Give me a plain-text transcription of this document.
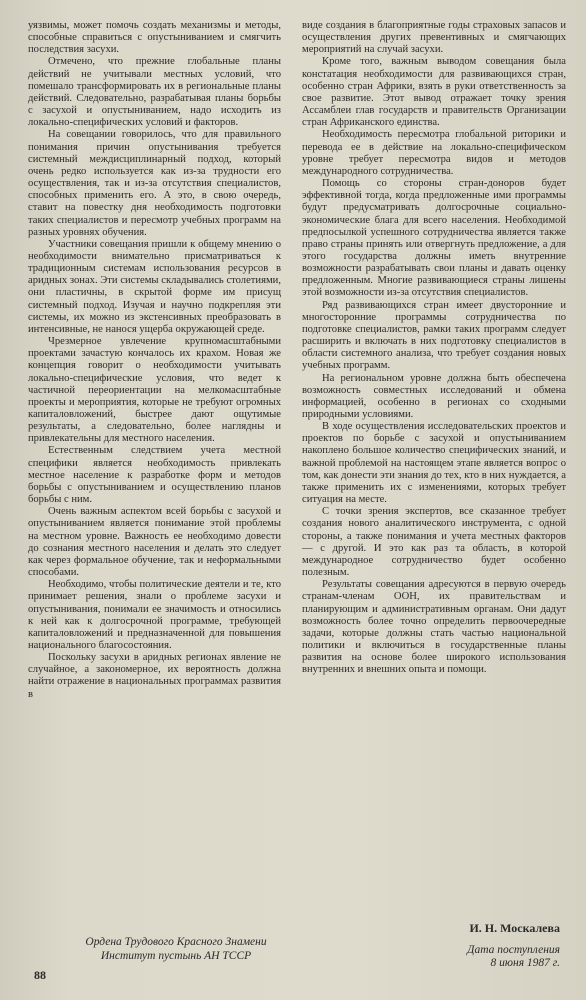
уязвимы, может помочь создать механизмы и методы, способные справиться с опустыниванием и смягчить последствия засухи.

Отмечено, что прежние глобальные планы действий не учитывали местных условий, что помешало трансформировать их в региональные планы действий. Следовательно, разрабатывая планы борьбы с засухой и опустыниванием, надо исходить из локально-специфических условий и факторов.

На совещании говорилось, что для правильного понимания причин опустынивания требуется системный междисциплинарный подход, который очень редко используется как из-за трудности его осуществления, так и из-за отсутствия специалистов, способных применить его. А это, в свою очередь, ставит на повестку дня необходимость подготовки таких специалистов и пересмотр учебных программ на разных уровнях обучения.

Участники совещания пришли к общему мнению о необходимости внимательно присматриваться к традиционным системам использования ресурсов в аридных зонах. Эти системы складывались столетиями, они пластичны, в скрытой форме им присущ системный подход. Изучая и научно подкрепляя эти системы, их можно из экстенсивных преобразовать в интенсивные, не нанося ущерба окружающей среде.

Чрезмерное увлечение крупномасштабными проектами зачастую кончалось их крахом. Новая же концепция говорит о необходимости учитывать локально-специфические условия, что ведет к частичной переориентации на мелкомасштабные проекты и мероприятия, которые не требуют огромных капиталовложений, быстрее дают ощутимые результаты, а следовательно, более наглядны и привлекательны для местного населения.

Естественным следствием учета местной специфики является необходимость привлекать местное население к разработке форм и методов борьбы с опустыниванием и осуществлению планов борьбы с ним.

Очень важным аспектом всей борьбы с засухой и опустыниванием является понимание этой проблемы на местном уровне. Важность ее необходимо довести до сознания местного населения и делать это следует как через формальное обучение, так и неформальными способами.

Необходимо, чтобы политические деятели и те, кто принимает решения, знали о проблеме засухи и опустынивания, понимали ее значимость и относились к ней как к долгосрочной программе, требующей капиталовложений и предназначенной для повышения национального благосостояния.

Поскольку засухи в аридных регионах явление не случайное, а закономерное, их вероятность должна найти отражение в национальных программах развития в

виде создания в благоприятные годы страховых запасов и осуществления других превентивных и смягчающих мероприятий на случай засухи.

Кроме того, важным выводом совещания была констатация необходимости для развивающихся стран, особенно стран Африки, взять в руки ответственность за свое развитие. Этот вывод отражает точку зрения Ассамблеи глав государств и правительств Организации стран Африканского единства.

Необходимость пересмотра глобальной риторики и перевода ее в действие на локально-специфическом уровне требует пересмотра видов и методов международного сотрудничества.

Помощь со стороны стран-доноров будет эффективной тогда, когда предложенные ими программы будут предусматривать долгосрочные социально-экономические блага для всего населения. Необходимой предпосылкой успешного сотрудничества является также право страны принять или отвергнуть предложение, а для этого государства должны иметь внутренние возможности разрабатывать свои планы и давать оценку предложенным. Многие развивающиеся страны лишены этой возможности из-за отсутствия специалистов.

Ряд развивающихся стран имеет двусторонние и многосторонние программы сотрудничества по подготовке специалистов, рамки таких программ следует расширить и включать в них подготовку специалистов в области системного анализа, что требует создания новых учебных программ.

На региональном уровне должна быть обеспечена возможность совместных исследований и обмена информацией, особенно в регионах со сходными природными условиями.

В ходе осуществления исследовательских проектов и проектов по борьбе с засухой и опустыниванием накоплено большое количество специфических знаний, и важной проблемой на настоящем этапе является вопрос о том, как донести эти знания до тех, кто в них нуждается, а также применить их с изменениями, которых требует ситуация на месте.

С точки зрения экспертов, все сказанное требует создания нового аналитического инструмента, с одной стороны, а также понимания и учета местных факторов — с другой. И это как раз та область, в которой международное сотрудничество будет особенно полезным.

Результаты совещания адресуются в первую очередь странам-членам ООН, их правительствам и планирующим и административным органам. Они дадут возможность более точно определить первоочередные задачи, которые должны стать частью национальной политики и включиться в государственные планы развития на основе более широкого использования внутренних и внешних опыта и помощи.

Ордена Трудового Красного Знамени
Институт пустынь АН ТССР
И. Н. Москалева
Дата поступления
8 июня 1987 г.
88
